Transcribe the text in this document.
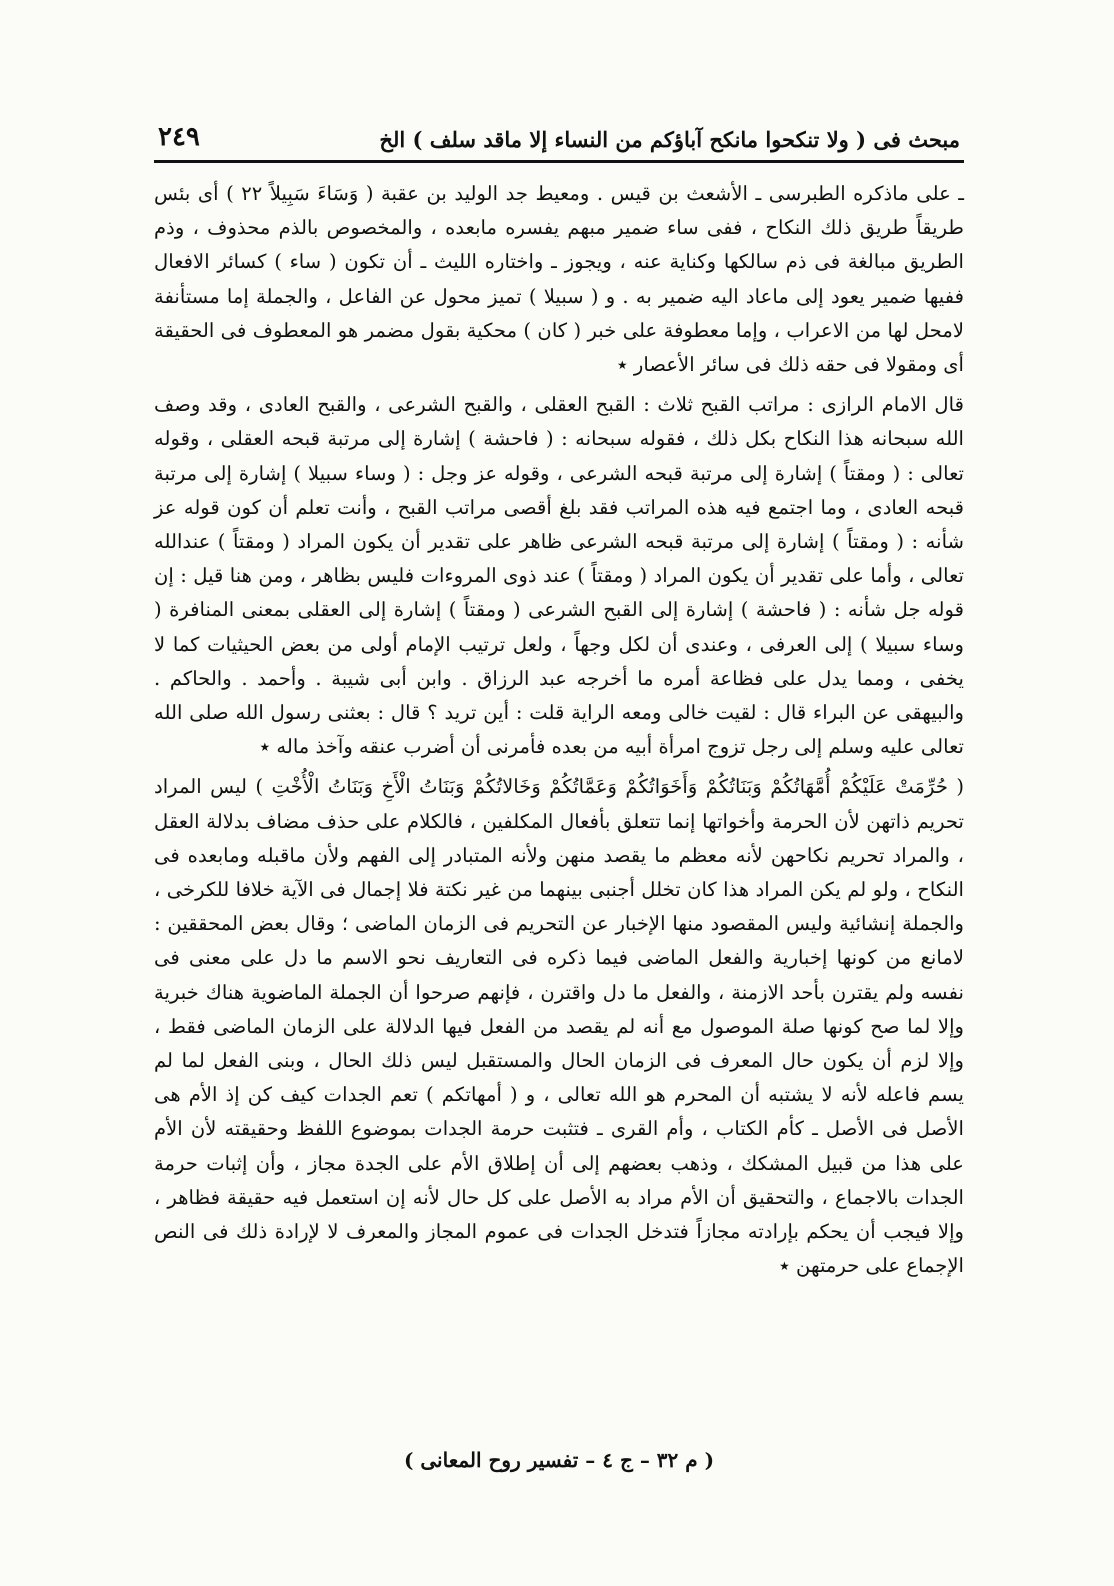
مبحث فى ( ولا تنكحوا مانكح آباؤكم من النساء إلا ماقد سلف ) الخ
٢٤٩

ـ على ماذكره الطبرسى ـ الأشعث بن قيس . ومعيط جد الوليد بن عقبة ( وَسَاءَ سَبِيلاً ٢٢ ) أى بئس طريقاً طريق ذلك النكاح ، ففى ساء ضمير مبهم يفسره مابعده ، والمخصوص بالذم محذوف ، وذم الطريق مبالغة فى ذم سالكها وكناية عنه ، ويجوز ـ واختاره الليث ـ أن تكون ( ساء ) كسائر الافعال ففيها ضمير يعود إلى ماعاد اليه ضمير به . و ( سبيلا ) تميز محول عن الفاعل ، والجملة إما مستأنفة لامحل لها من الاعراب ، وإما معطوفة على خبر ( كان ) محكية بقول مضمر هو المعطوف فى الحقيقة أى ومقولا فى حقه ذلك فى سائر الأعصار ٭

قال الامام الرازى : مراتب القبح ثلاث : القبح العقلى ، والقبح الشرعى ، والقبح العادى ، وقد وصف الله سبحانه هذا النكاح بكل ذلك ، فقوله سبحانه : ( فاحشة ) إشارة إلى مرتبة قبحه العقلى ، وقوله تعالى : ( ومقتاً ) إشارة إلى مرتبة قبحه الشرعى ، وقوله عز وجل : ( وساء سبيلا ) إشارة إلى مرتبة قبحه العادى ، وما اجتمع فيه هذه المراتب فقد بلغ أقصى مراتب القبح ، وأنت تعلم أن كون قوله عز شأنه : ( ومقتاً ) إشارة إلى مرتبة قبحه الشرعى ظاهر على تقدير أن يكون المراد ( ومقتاً ) عندالله تعالى ، وأما على تقدير أن يكون المراد ( ومقتاً ) عند ذوى المروءات فليس بظاهر ، ومن هنا قيل : إن قوله جل شأنه : ( فاحشة ) إشارة إلى القبح الشرعى ( ومقتاً ) إشارة إلى العقلى بمعنى المنافرة ( وساء سبيلا ) إلى العرفى ، وعندى أن لكل وجهاً ، ولعل ترتيب الإمام أولى من بعض الحيثيات كما لا يخفى ، ومما يدل على فظاعة أمره ما أخرجه عبد الرزاق . وابن أبى شيبة . وأحمد . والحاكم . والبيهقى عن البراء قال : لقيت خالى ومعه الراية قلت : أين تريد ؟ قال : بعثنى رسول الله صلى الله تعالى عليه وسلم إلى رجل تزوج امرأة أبيه من بعده فأمرنى أن أضرب عنقه وآخذ ماله ٭

( حُرِّمَتْ عَلَيْكُمْ أُمَّهَاتُكُمْ وَبَنَاتُكُمْ وَأَخَوَاتُكُمْ وَعَمَّاتُكُمْ وَخَالاتُكُمْ وَبَنَاتُ الْأَخِ وَبَنَاتُ الْأُخْتِ ) ليس المراد تحريم ذاتهن لأن الحرمة وأخواتها إنما تتعلق بأفعال المكلفين ، فالكلام على حذف مضاف بدلالة العقل ، والمراد تحريم نكاحهن لأنه معظم ما يقصد منهن ولأنه المتبادر إلى الفهم ولأن ماقبله ومابعده فى النكاح ، ولو لم يكن المراد هذا كان تخلل أجنبى بينهما من غير نكتة فلا إجمال فى الآية خلافا للكرخى ، والجملة إنشائية وليس المقصود منها الإخبار عن التحريم فى الزمان الماضى ؛ وقال بعض المحققين : لامانع من كونها إخبارية والفعل الماضى فيما ذكره فى التعاريف نحو الاسم ما دل على معنى فى نفسه ولم يقترن بأحد الازمنة ، والفعل ما دل واقترن ، فإنهم صرحوا أن الجملة الماضوية هناك خبرية وإلا لما صح كونها صلة الموصول مع أنه لم يقصد من الفعل فيها الدلالة على الزمان الماضى فقط ، وإلا لزم أن يكون حال المعرف فى الزمان الحال والمستقبل ليس ذلك الحال ، وبنى الفعل لما لم يسم فاعله لأنه لا يشتبه أن المحرم هو الله تعالى ، و ( أمهاتكم ) تعم الجدات كيف كن إذ الأم هى الأصل فى الأصل ـ كأم الكتاب ، وأم القرى ـ فتثبت حرمة الجدات بموضوع اللفظ وحقيقته لأن الأم على هذا من قبيل المشكك ، وذهب بعضهم إلى أن إطلاق الأم على الجدة مجاز ، وأن إثبات حرمة الجدات بالاجماع ، والتحقيق أن الأم مراد به الأصل على كل حال لأنه إن استعمل فيه حقيقة فظاهر ، وإلا فيجب أن يحكم بإرادته مجازاً فتدخل الجدات فى عموم المجاز والمعرف لا لإرادة ذلك فى النص الإجماع على حرمتهن ٭

( م ٣٢ – ج ٤ – تفسير روح المعانى )
